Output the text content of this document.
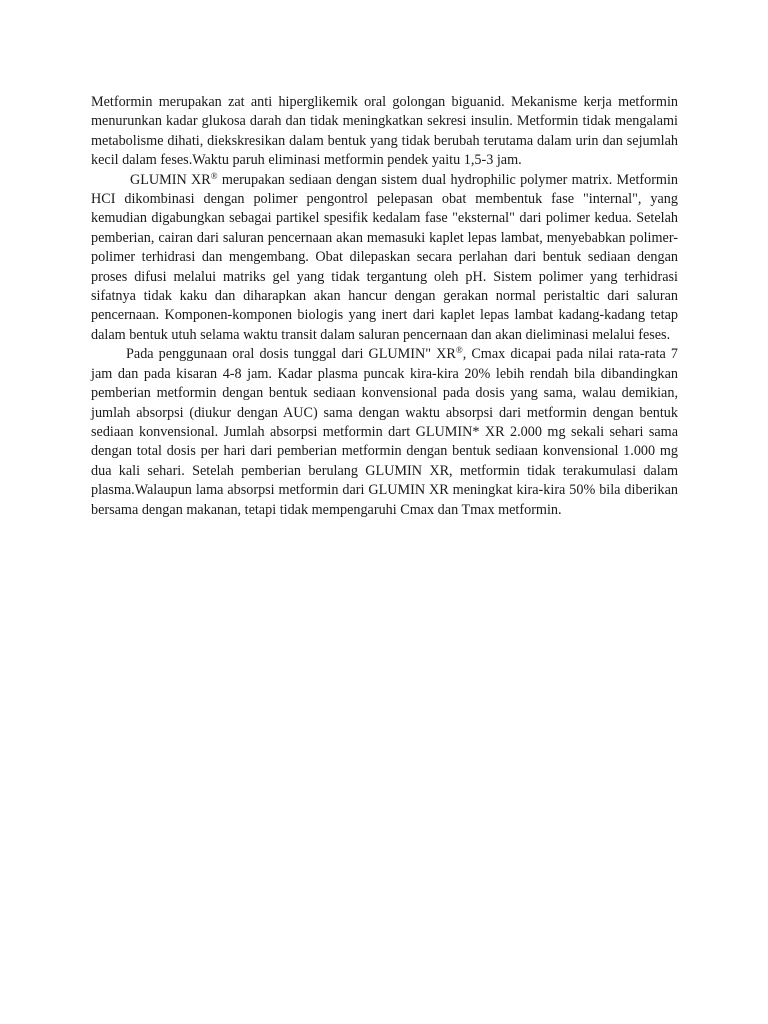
Metformin merupakan zat anti hiperglikemik oral golongan biguanid. Mekanisme kerja metformin menurunkan kadar glukosa darah dan tidak meningkatkan sekresi insulin. Metformin tidak mengalami metabolisme dihati, diekskresikan dalam bentuk yang tidak berubah terutama dalam urin dan sejumlah kecil dalam feses.Waktu paruh eliminasi metformin pendek yaitu 1,5-3 jam.

GLUMIN XR® merupakan sediaan dengan sistem dual hydrophilic polymer matrix. Metformin HCI dikombinasi dengan polimer pengontrol pelepasan obat membentuk fase "internal", yang kemudian digabungkan sebagai partikel spesifik kedalam fase "eksternal" dari polimer kedua. Setelah pemberian, cairan dari saluran pencernaan akan memasuki kaplet lepas lambat, menyebabkan polimer-polimer terhidrasi dan mengembang. Obat dilepaskan secara perlahan dari bentuk sediaan dengan proses difusi melalui matriks gel yang tidak tergantung oleh pH. Sistem polimer yang terhidrasi sifatnya tidak kaku dan diharapkan akan hancur dengan gerakan normal peristaltic dari saluran pencernaan. Komponen-komponen biologis yang inert dari kaplet lepas lambat kadang-kadang tetap dalam bentuk utuh selama waktu transit dalam saluran pencernaan dan akan dieliminasi melalui feses.

Pada penggunaan oral dosis tunggal dari GLUMIN" XR®, Cmax dicapai pada nilai rata-rata 7 jam dan pada kisaran 4-8 jam. Kadar plasma puncak kira-kira 20% lebih rendah bila dibandingkan pemberian metformin dengan bentuk sediaan konvensional pada dosis yang sama, walau demikian, jumlah absorpsi (diukur dengan AUC) sama dengan waktu absorpsi dari metformin dengan bentuk sediaan konvensional. Jumlah absorpsi metformin dart GLUMIN* XR 2.000 mg sekali sehari sama dengan total dosis per hari dari pemberian metformin dengan bentuk sediaan konvensional 1.000 mg dua kali sehari. Setelah pemberian berulang GLUMIN XR, metformin tidak terakumulasi dalam plasma.Walaupun lama absorpsi metformin dari GLUMIN XR meningkat kira-kira 50% bila diberikan bersama dengan makanan, tetapi tidak mempengaruhi Cmax dan Tmax metformin.
